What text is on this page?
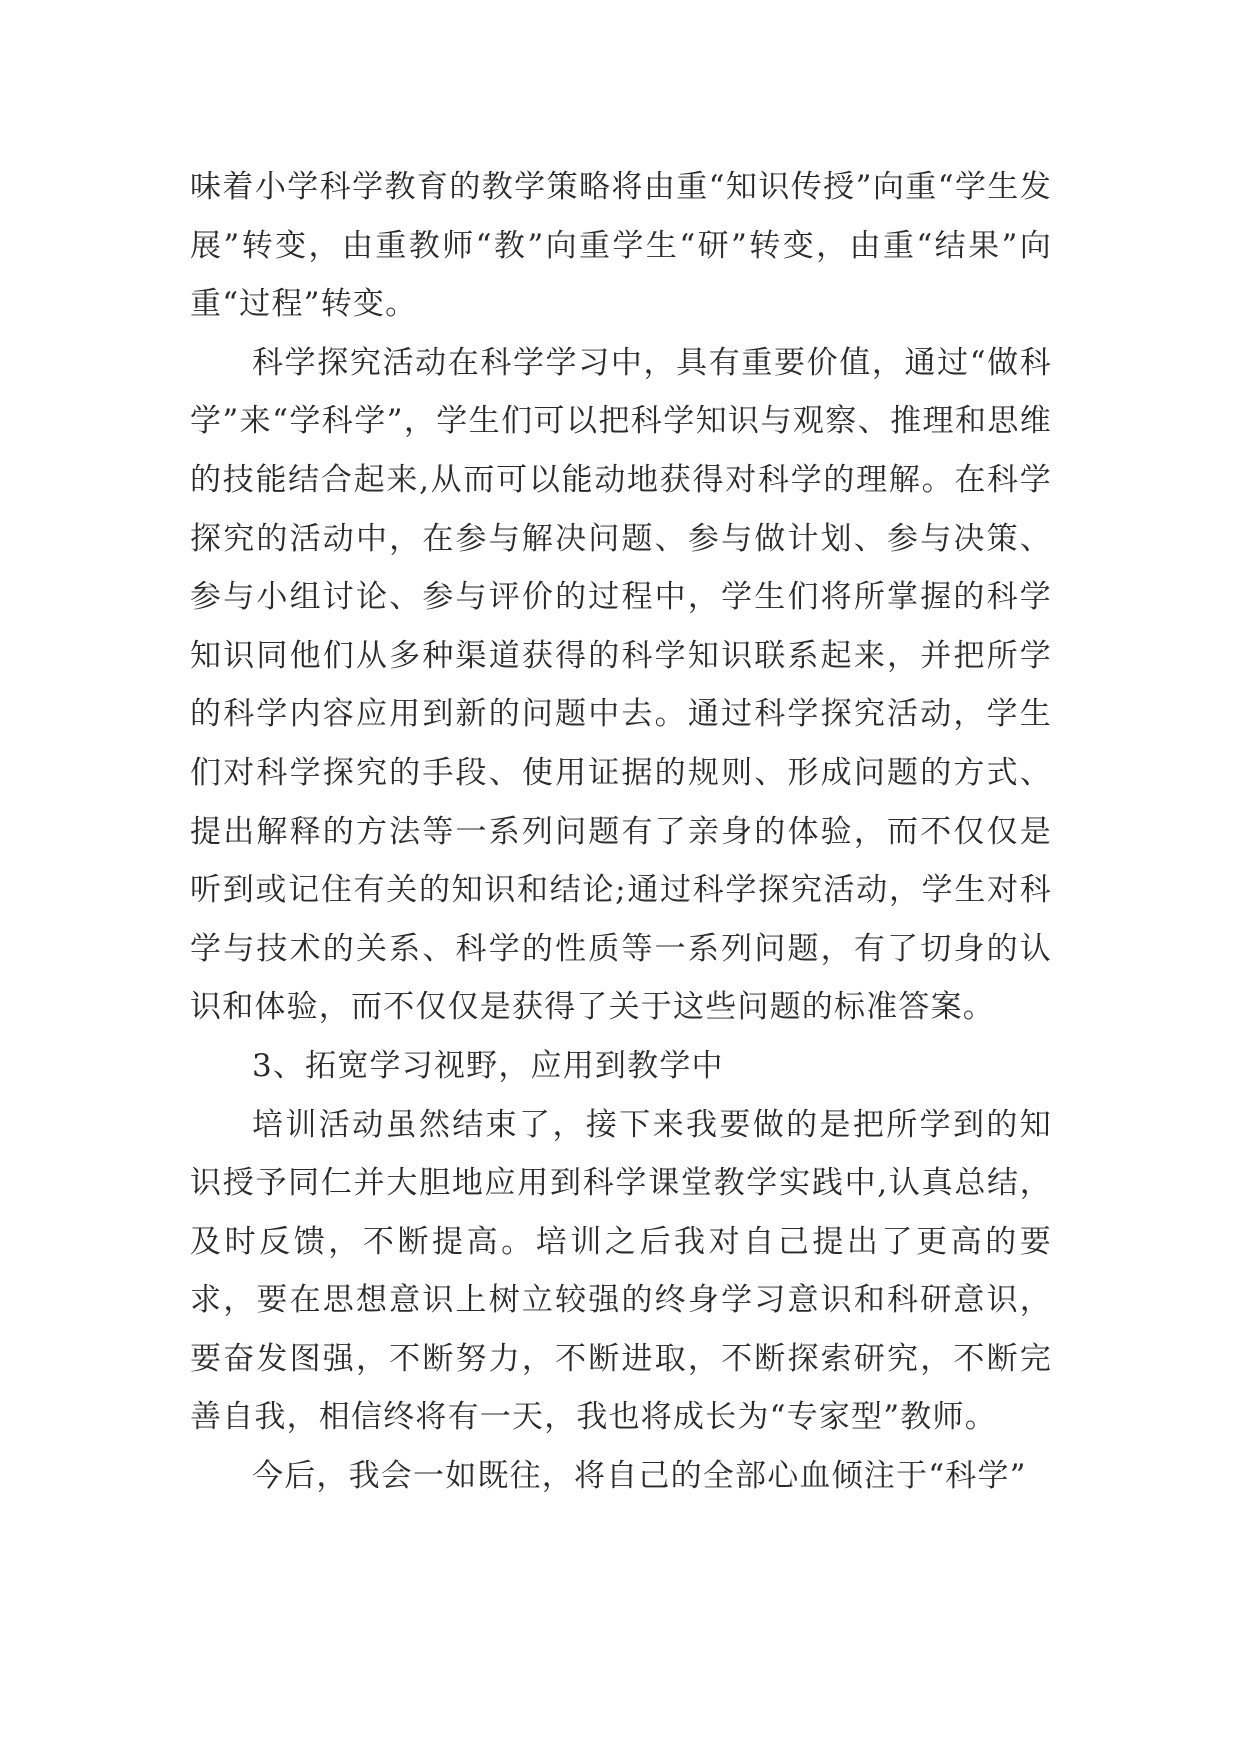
味着小学科学教育的教学策略将由重“知识传授”向重“学生发展”转变，由重教师“教”向重学生“研”转变，由重“结果”向重“过程”转变。

科学探究活动在科学学习中，具有重要价值，通过“做科学”来“学科学”，学生们可以把科学知识与观察、推理和思维的技能结合起来,从而可以能动地获得对科学的理解。在科学探究的活动中，在参与解决问题、参与做计划、参与决策、参与小组讨论、参与评价的过程中，学生们将所掌握的科学知识同他们从多种渠道获得的科学知识联系起来，并把所学的科学内容应用到新的问题中去。通过科学探究活动，学生们对科学探究的手段、使用证据的规则、形成问题的方式、提出解释的方法等一系列问题有了亲身的体验，而不仅仅是听到或记住有关的知识和结论;通过科学探究活动，学生对科学与技术的关系、科学的性质等一系列问题，有了切身的认识和体验，而不仅仅是获得了关于这些问题的标准答案。

3、拓宽学习视野，应用到教学中

培训活动虽然结束了，接下来我要做的是把所学到的知识授予同仁并大胆地应用到科学课堂教学实践中,认真总结，及时反馈，不断提高。培训之后我对自己提出了更高的要求，要在思想意识上树立较强的终身学习意识和科研意识，要奋发图强，不断努力，不断进取，不断探索研究，不断完善自我，相信终将有一天，我也将成长为“专家型”教师。

今后，我会一如既往，将自己的全部心血倾注于“科学”
